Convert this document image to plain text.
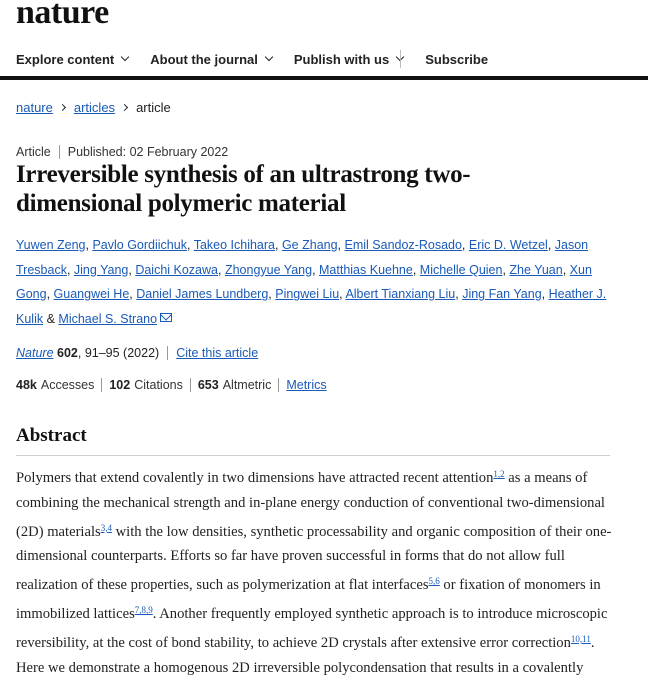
nature
Explore content	About the journal	Publish with us	Subscribe
nature articles article
Article Published: 02 February 2022
Irreversible synthesis of an ultrastrong two-dimensional polymeric material
Yuwen Zeng, Pavlo Gordiichuk, Takeo Ichihara, Ge Zhang, Emil Sandoz-Rosado, Eric D. Wetzel, Jason Tresback, Jing Yang, Daichi Kozawa, Zhongyue Yang, Matthias Kuehne, Michelle Quien, Zhe Yuan, Xun Gong, Guangwei He, Daniel James Lundberg, Pingwei Liu, Albert Tianxiang Liu, Jing Fan Yang, Heather J. Kulik & Michael S. Strano
Nature
602 , 91–95 (2022) Cite this article
48k Accesses 102 Citations 653 Altmetric Metrics
Abstract

Polymers that extend covalently in two dimensions have attracted recent attention$^{1,2}$ as a means of combining the mechanical strength and in-plane energy conduction of conventional two-dimensional (2D) materials$^{3,4}$ with the low densities, synthetic processability and organic composition of their one-dimensional counterparts. Efforts so far have proven successful in forms that do not allow full realization of these properties, such as polymerization at flat interfaces$^{5,6}$ or fixation of monomers in immobilized lattices$^{7,8,9}$. Another frequently employed synthetic approach is to introduce microscopic reversibility, at the cost of bond stability, to achieve 2D crystals after extensive error correction$^{10,11}$. Here we demonstrate a homogenous 2D irreversible polycondensation that results in a covalently
